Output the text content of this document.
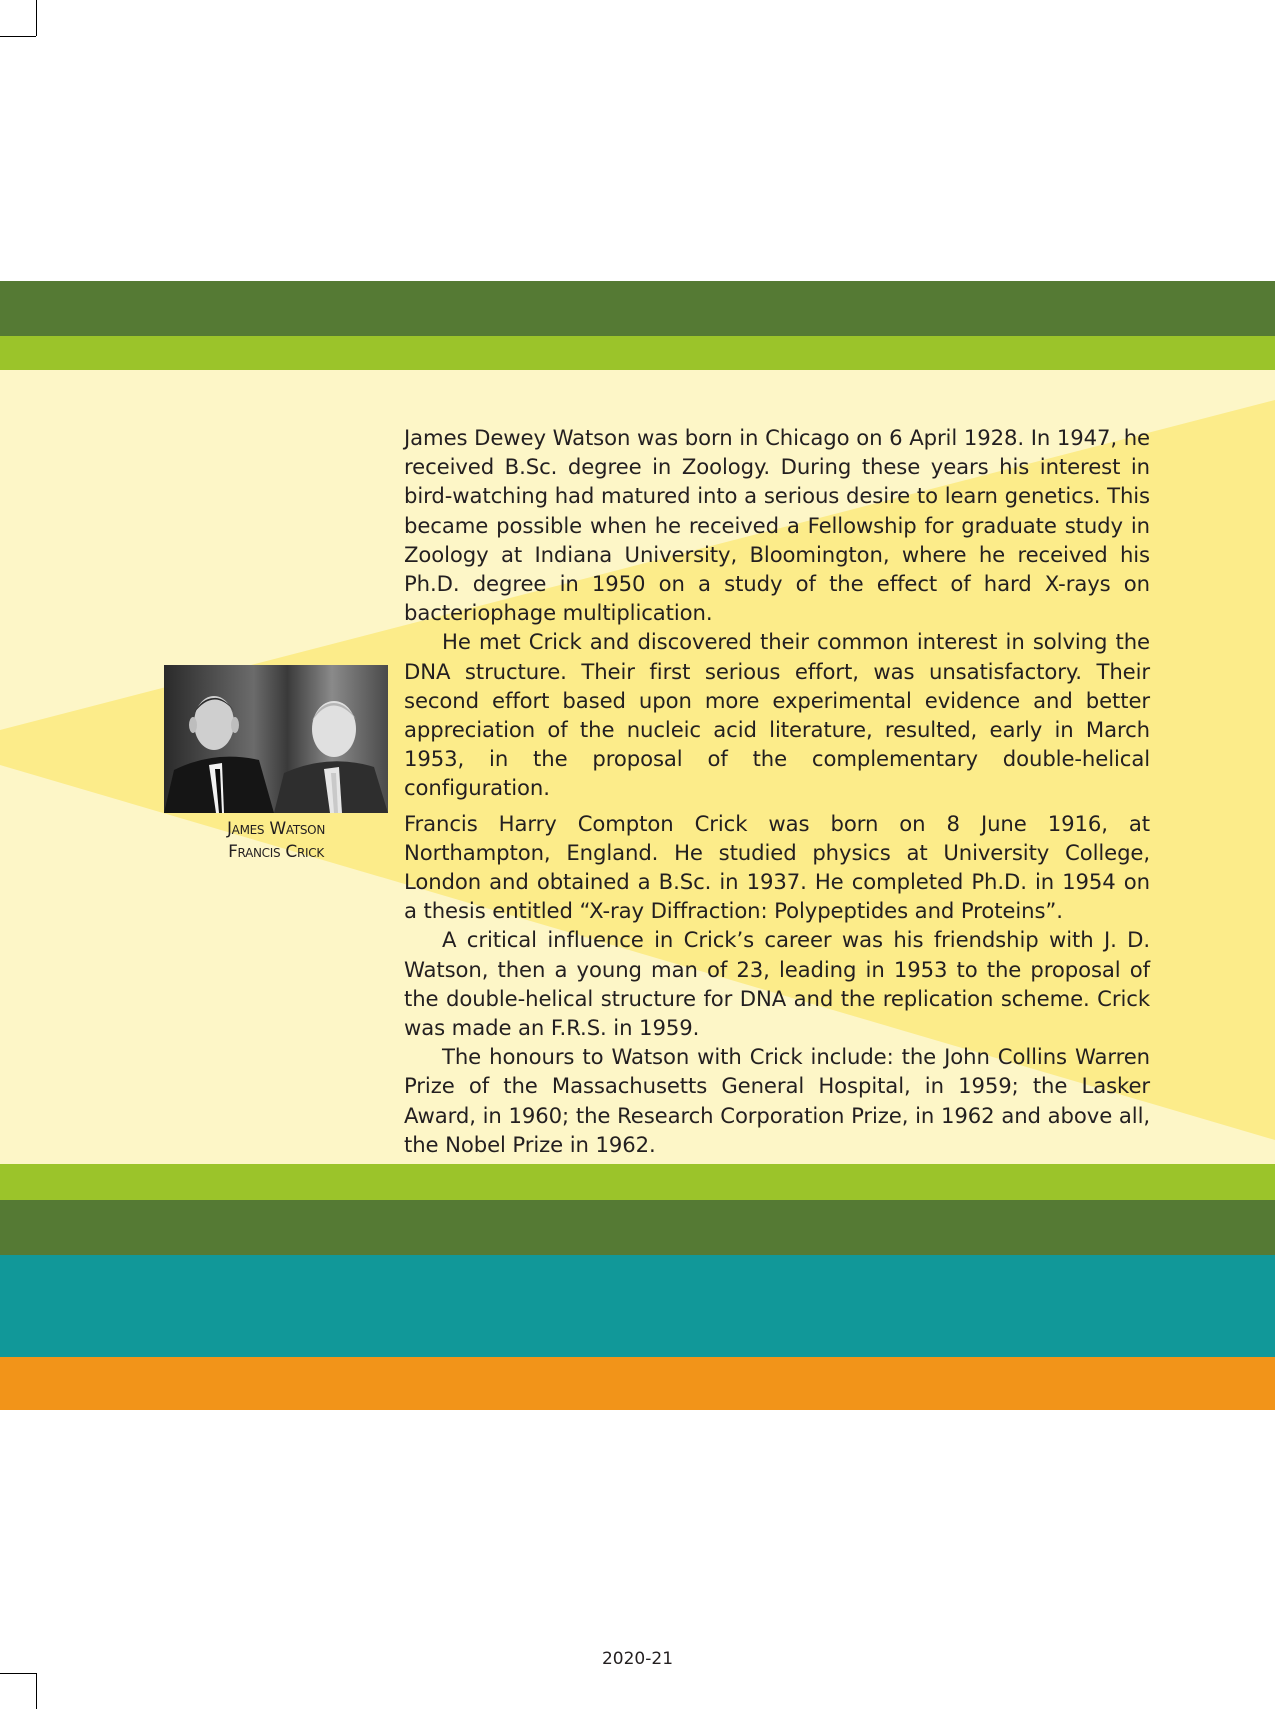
James Watson
Francis Crick

James Dewey Watson was born in Chicago on 6 April 1928. In 1947, he received B.Sc. degree in Zoology. During these years his interest in bird-watching had matured into a serious desire to learn genetics. This became possible when he received a Fellowship for graduate study in Zoology at Indiana University, Bloomington, where he received his Ph.D. degree in 1950 on a study of the effect of hard X-rays on bacteriophage multiplication.

He met Crick and discovered their common interest in solving the DNA structure. Their first serious effort, was unsatisfactory. Their second effort based upon more experimental evidence and better appreciation of the nucleic acid literature, resulted, early in March 1953, in the proposal of the complementary double-helical configuration.

Francis Harry Compton Crick was born on 8 June 1916, at Northampton, England. He studied physics at University College, London and obtained a B.Sc. in 1937. He completed Ph.D. in 1954 on a thesis entitled “X-ray Diffraction: Polypeptides and Proteins”.

A critical influence in Crick’s career was his friendship with J. D. Watson, then a young man of 23, leading in 1953 to the proposal of the double-helical structure for DNA and the replication scheme. Crick was made an F.R.S. in 1959.

The honours to Watson with Crick include: the John Collins Warren Prize of the Massachusetts General Hospital, in 1959; the Lasker Award, in 1960; the Research Corporation Prize, in 1962 and above all, the Nobel Prize in 1962.

2020-21
